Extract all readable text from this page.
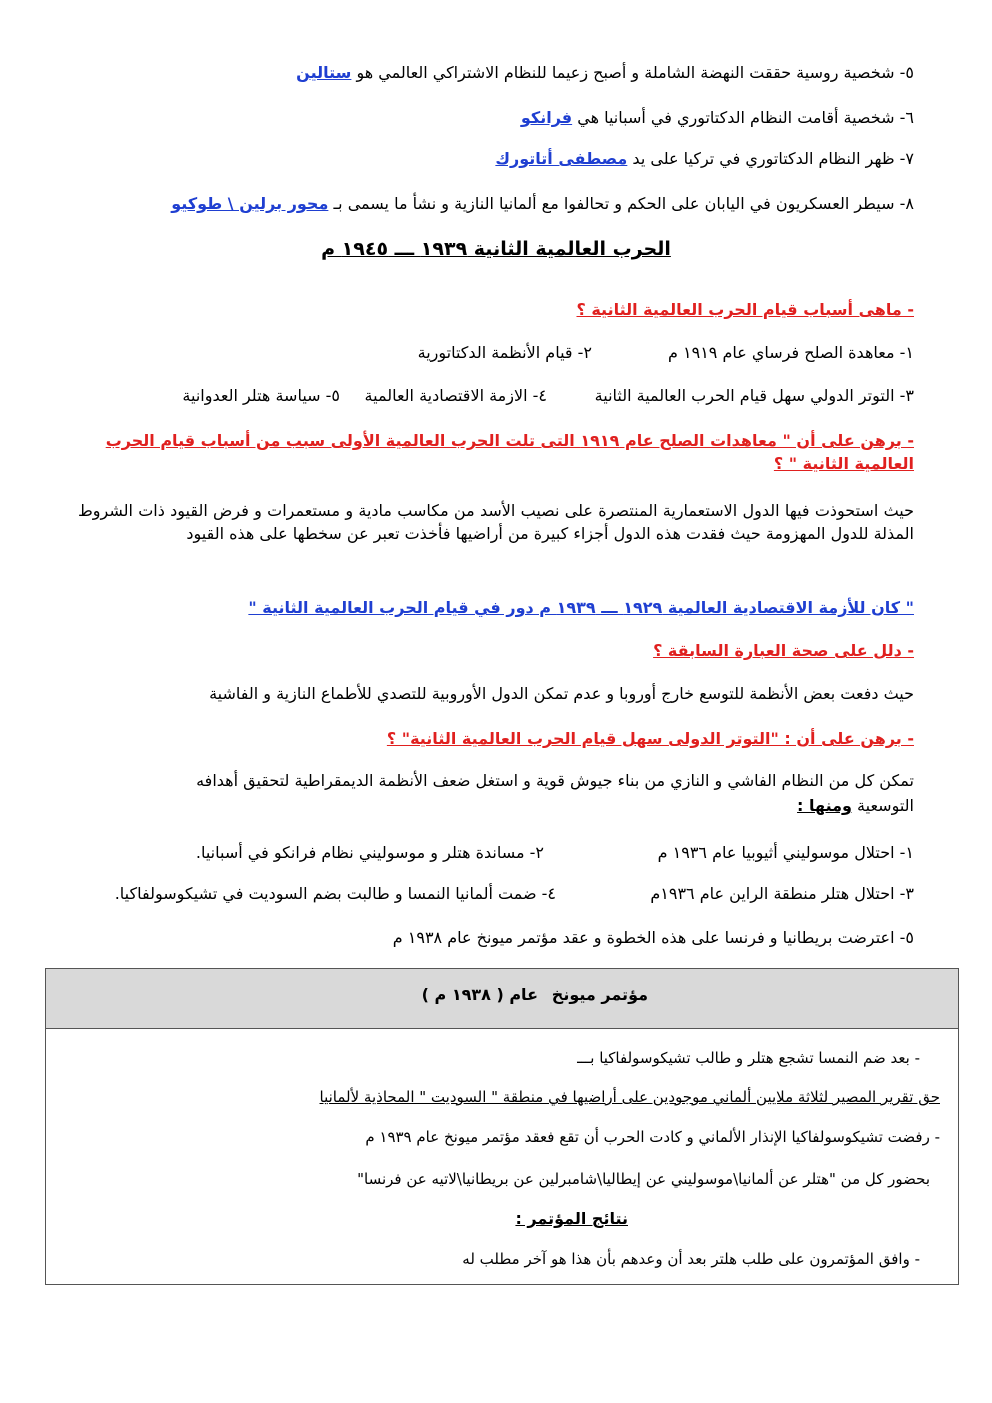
٥- شخصية روسية حققت النهضة الشاملة و أصبح زعيما للنظام الاشتراكي العالمي هو ستالين
٦- شخصية أقامت النظام الدكتاتوري في أسبانيا هي فرانكو
٧- ظهر النظام الدكتاتوري في تركيا على يد مصطفى أتاتورك
٨- سيطر العسكريون في اليابان على الحكم و تحالفوا مع ألمانيا النازية و نشأ ما يسمى بـ محور برلين \ طوكيو
الحرب العالمية الثانية ١٩٣٩ ـــ ١٩٤٥ م
- ماهى أسباب قيام الحرب العالمية الثانية ؟
١- معاهدة الصلح فرساي عام ١٩١٩ م
٢- قيام الأنظمة الدكتاتورية
٣- التوتر الدولي سهل قيام الحرب العالمية الثانية
٤- الازمة الاقتصادية العالمية
٥- سياسة هتلر العدوانية
- برهن على أن " معاهدات الصلح عام ١٩١٩ التى تلت الحرب العالمية الأولى سبب من أسباب قيام الحرب
العالمية الثانية " ؟
حيث استحوذت فيها الدول الاستعمارية المنتصرة على نصيب الأسد من مكاسب مادية و مستعمرات و فرض القيود ذات الشروط المذلة للدول المهزومة حيث فقدت هذه الدول أجزاء كبيرة من أراضيها فأخذت تعبر عن سخطها على هذه القيود
" كان للأزمة الاقتصادية العالمية ١٩٢٩ ـــ ١٩٣٩ م دور في قيام الحرب العالمية الثانية "
- دلل على صحة العبارة السابقة ؟
حيث دفعت بعض الأنظمة للتوسع خارج أوروبا و عدم تمكن الدول الأوروبية للتصدي للأطماع النازية و الفاشية
- برهن على أن : "التوتر الدولى سهل قيام الحرب العالمية الثانية" ؟
تمكن كل من النظام الفاشي و النازي من بناء جيوش قوية و استغل ضعف الأنظمة الديمقراطية لتحقيق أهدافه
التوسعية ومنها :
١- احتلال موسوليني أثيوبيا عام ١٩٣٦ م
٢- مساندة هتلر و موسوليني نظام فرانكو في أسبانيا.
٣- احتلال هتلر منطقة الراين عام ١٩٣٦م
٤- ضمت ألمانيا النمسا و طالبت بضم السوديت في تشيكوسولفاكيا.
٥- اعترضت بريطانيا و فرنسا على هذه الخطوة و عقد مؤتمر ميونخ عام ١٩٣٨ م
مؤتمر ميونخ
عام ( ١٩٣٨ م )
- بعد ضم النمسا تشجع هتلر و طالب تشيكوسولفاكيا بـــ
حق تقرير المصير لثلاثة ملايين ألماني موجودين على أراضيها في منطقة " السوديت " المحاذية لألمانيا
- رفضت تشيكوسولفاكيا الإنذار الألماني و كادت الحرب أن تقع فعقد مؤتمر ميونخ عام ١٩٣٩ م
بحضور كل من "هتلر عن ألمانيا\موسوليني عن إيطاليا\شامبرلين عن بريطانيا\لاتيه عن فرنسا"
نتائج المؤتمر :
- وافق المؤتمرون على طلب هلتر بعد أن وعدهم بأن هذا هو آخر مطلب له
